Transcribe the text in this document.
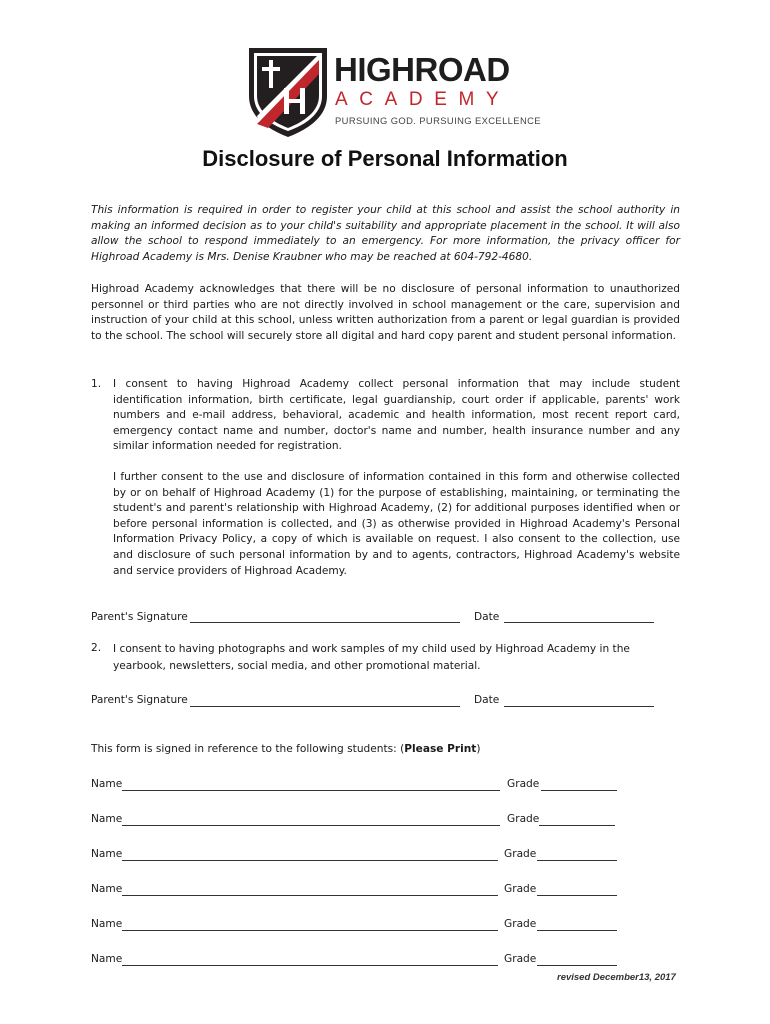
HIGHROAD
ACADEMY
PURSUING GOD. PURSUING EXCELLENCE
Disclosure of Personal Information

This information is required in order to register your child at this school and assist the school authority in making an informed decision as to your child's suitability and appropriate placement in the school. It will also allow the school to respond immediately to an emergency. For more information, the privacy officer for Highroad Academy is Mrs. Denise Kraubner who may be reached at 604-792-4680.

Highroad Academy acknowledges that there will be no disclosure of personal information to unauthorized personnel or third parties who are not directly involved in school management or the care, supervision and instruction of your child at this school, unless written authorization from a parent or legal guardian is provided to the school. The school will securely store all digital and hard copy parent and student personal information.

1. I consent to having Highroad Academy collect personal information that may include student identification information, birth certificate, legal guardianship, court order if applicable, parents' work numbers and e-mail address, behavioral, academic and health information, most recent report card, emergency contact name and number, doctor's name and number, health insurance number and any similar information needed for registration.

I further consent to the use and disclosure of information contained in this form and otherwise collected by or on behalf of Highroad Academy (1) for the purpose of establishing, maintaining, or terminating the student's and parent's relationship with Highroad Academy, (2) for additional purposes identified when or before personal information is collected, and (3) as otherwise provided in Highroad Academy's Personal Information Privacy Policy, a copy of which is available on request. I also consent to the collection, use and disclosure of such personal information by and to agents, contractors, Highroad Academy's website and service providers of Highroad Academy.

Parent's Signature	Date
2. I consent to having photographs and work samples of my child used by Highroad Academy in the yearbook, newsletters, social media, and other promotional material.

Parent's Signature	Date
This form is signed in reference to the following students: (Please Print)
Name	Grade
Name	Grade
Name	Grade
Name	Grade
Name	Grade
Name	Grade
revised December13, 2017
